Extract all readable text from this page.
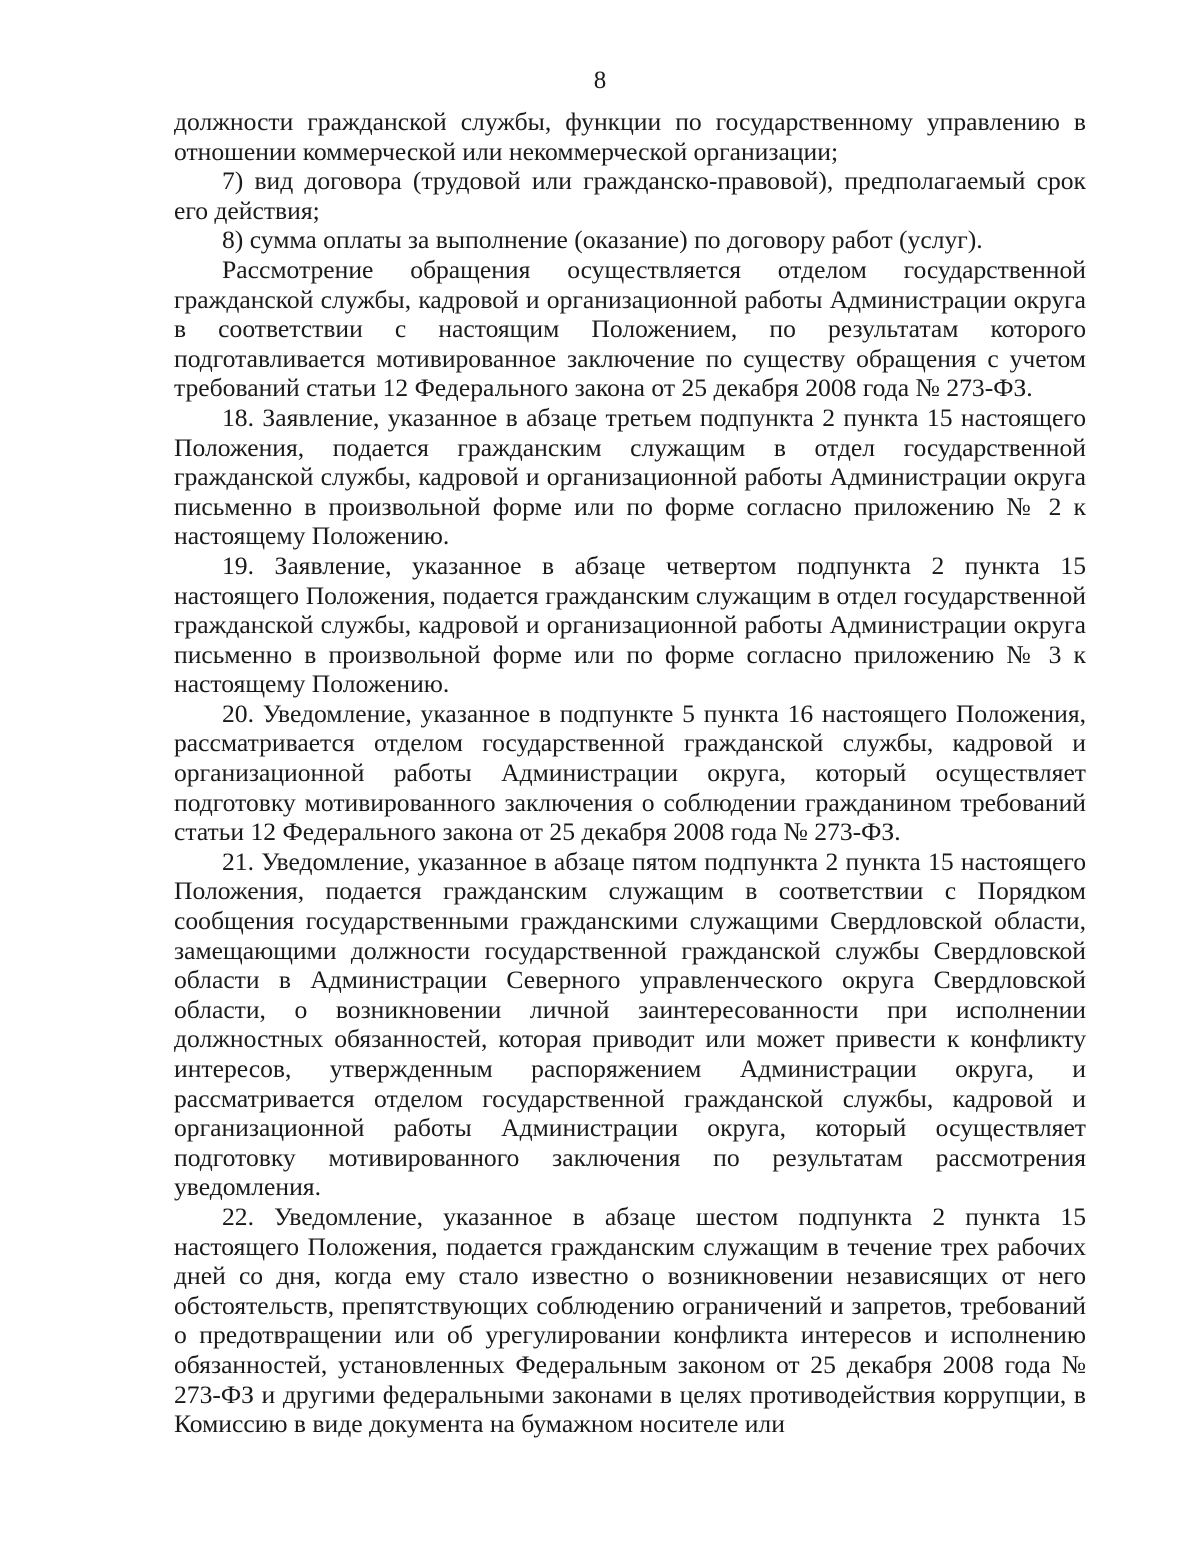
8

должности гражданской службы, функции по государственному управлению в отношении коммерческой или некоммерческой организации;

7) вид договора (трудовой или гражданско-правовой), предполагаемый срок его действия;

8) сумма оплаты за выполнение (оказание) по договору работ (услуг).

Рассмотрение обращения осуществляется отделом государственной гражданской службы, кадровой и организационной работы Администрации округа в соответствии с настоящим Положением, по результатам которого подготавливается мотивированное заключение по существу обращения с учетом требований статьи 12 Федерального закона от 25 декабря 2008 года № 273-ФЗ.

18. Заявление, указанное в абзаце третьем подпункта 2 пункта 15 настоящего Положения, подается гражданским служащим в отдел государственной гражданской службы, кадровой и организационной работы Администрации округа письменно в произвольной форме или по форме согласно приложению № 2 к настоящему Положению.

19. Заявление, указанное в абзаце четвертом подпункта 2 пункта 15 настоящего Положения, подается гражданским служащим в отдел государственной гражданской службы, кадровой и организационной работы Администрации округа письменно в произвольной форме или по форме согласно приложению № 3 к настоящему Положению.

20. Уведомление, указанное в подпункте 5 пункта 16 настоящего Положения, рассматривается отделом государственной гражданской службы, кадровой и организационной работы Администрации округа, который осуществляет подготовку мотивированного заключения о соблюдении гражданином требований статьи 12 Федерального закона от 25 декабря 2008 года № 273-ФЗ.

21. Уведомление, указанное в абзаце пятом подпункта 2 пункта 15 настоящего Положения, подается гражданским служащим в соответствии с Порядком сообщения государственными гражданскими служащими Свердловской области, замещающими должности государственной гражданской службы Свердловской области в Администрации Северного управленческого округа Свердловской области, о возникновении личной заинтересованности при исполнении должностных обязанностей, которая приводит или может привести к конфликту интересов, утвержденным распоряжением Администрации округа, и рассматривается отделом государственной гражданской службы, кадровой и организационной работы Администрации округа, который осуществляет подготовку мотивированного заключения по результатам рассмотрения уведомления.

22. Уведомление, указанное в абзаце шестом подпункта 2 пункта 15 настоящего Положения, подается гражданским служащим в течение трех рабочих дней со дня, когда ему стало известно о возникновении независящих от него обстоятельств, препятствующих соблюдению ограничений и запретов, требований о предотвращении или об урегулировании конфликта интересов и исполнению обязанностей, установленных Федеральным законом от 25 декабря 2008 года № 273-ФЗ и другими федеральными законами в целях противодействия коррупции, в Комиссию в виде документа на бумажном носителе или
